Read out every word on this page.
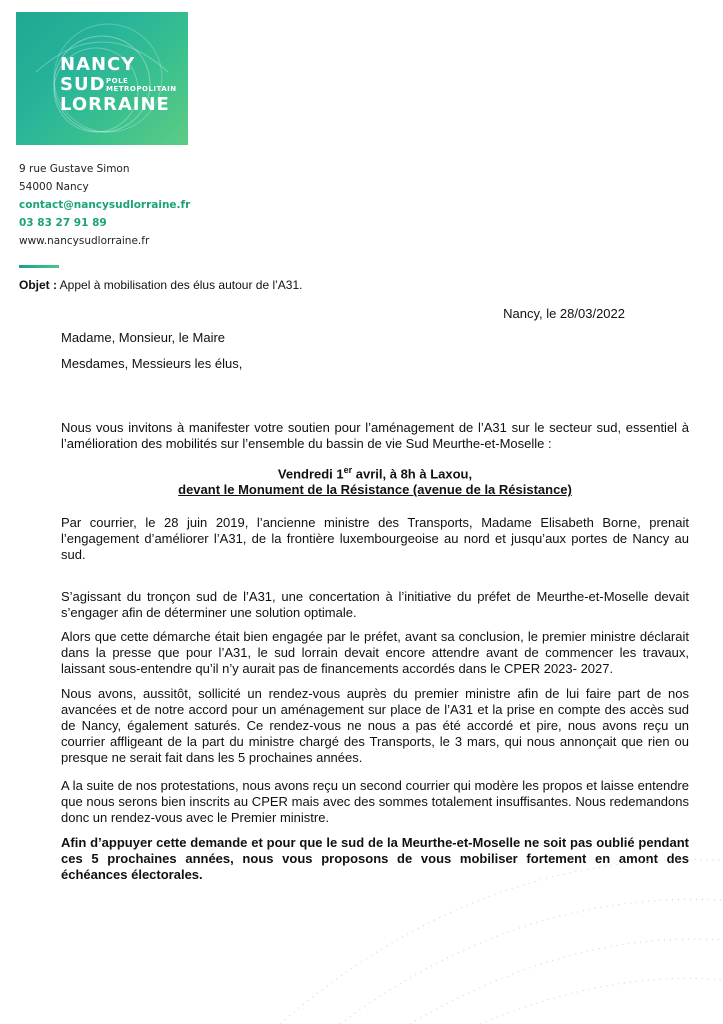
NANCY
SUD
LORRAINE
POLE
METROPOLITAIN
9 rue Gustave Simon
54000 Nancy
contact@nancysudlorraine.fr
03 83 27 91 89
www.nancysudlorraine.fr
Objet : Appel à mobilisation des élus autour de l’A31.
Nancy, le 28/03/2022
Madame, Monsieur, le Maire
Mesdames, Messieurs les élus,
Nous vous invitons à manifester votre soutien pour l’aménagement de l’A31 sur le secteur sud, essentiel à l’amélioration des mobilités sur l’ensemble du bassin de vie Sud Meurthe-et-Moselle :
Vendredi 1er avril, à 8h à Laxou,
devant le Monument de la Résistance (avenue de la Résistance)
Par courrier, le 28 juin 2019, l’ancienne ministre des Transports, Madame Elisabeth Borne, prenait l’engagement d’améliorer l’A31, de la frontière luxembourgeoise au nord et jusqu’aux portes de Nancy au sud.
S’agissant du tronçon sud de l’A31, une concertation à l’initiative du préfet de Meurthe-et-Moselle devait s’engager afin de déterminer une solution optimale.
Alors que cette démarche était bien engagée par le préfet, avant sa conclusion, le premier ministre déclarait dans la presse que pour l’A31, le sud lorrain devait encore attendre avant de commencer les travaux, laissant sous-entendre qu’il n’y aurait pas de financements accordés dans le CPER 2023- 2027.
Nous avons, aussitôt, sollicité un rendez-vous auprès du premier ministre afin de lui faire part de nos avancées et de notre accord pour un aménagement sur place de l’A31 et la prise en compte des accès sud de Nancy, également saturés. Ce rendez-vous ne nous a pas été accordé et pire, nous avons reçu un courrier affligeant de la part du ministre chargé des Transports, le 3 mars, qui nous annonçait que rien ou presque ne serait fait dans les 5 prochaines années.
A la suite de nos protestations, nous avons reçu un second courrier qui modère les propos et laisse entendre que nous serons bien inscrits au CPER mais avec des sommes totalement insuffisantes. Nous redemandons donc un rendez-vous avec le Premier ministre.
Afin d’appuyer cette demande et pour que le sud de la Meurthe-et-Moselle ne soit pas oublié pendant ces 5 prochaines années, nous vous proposons de vous mobiliser fortement en amont des échéances électorales.
